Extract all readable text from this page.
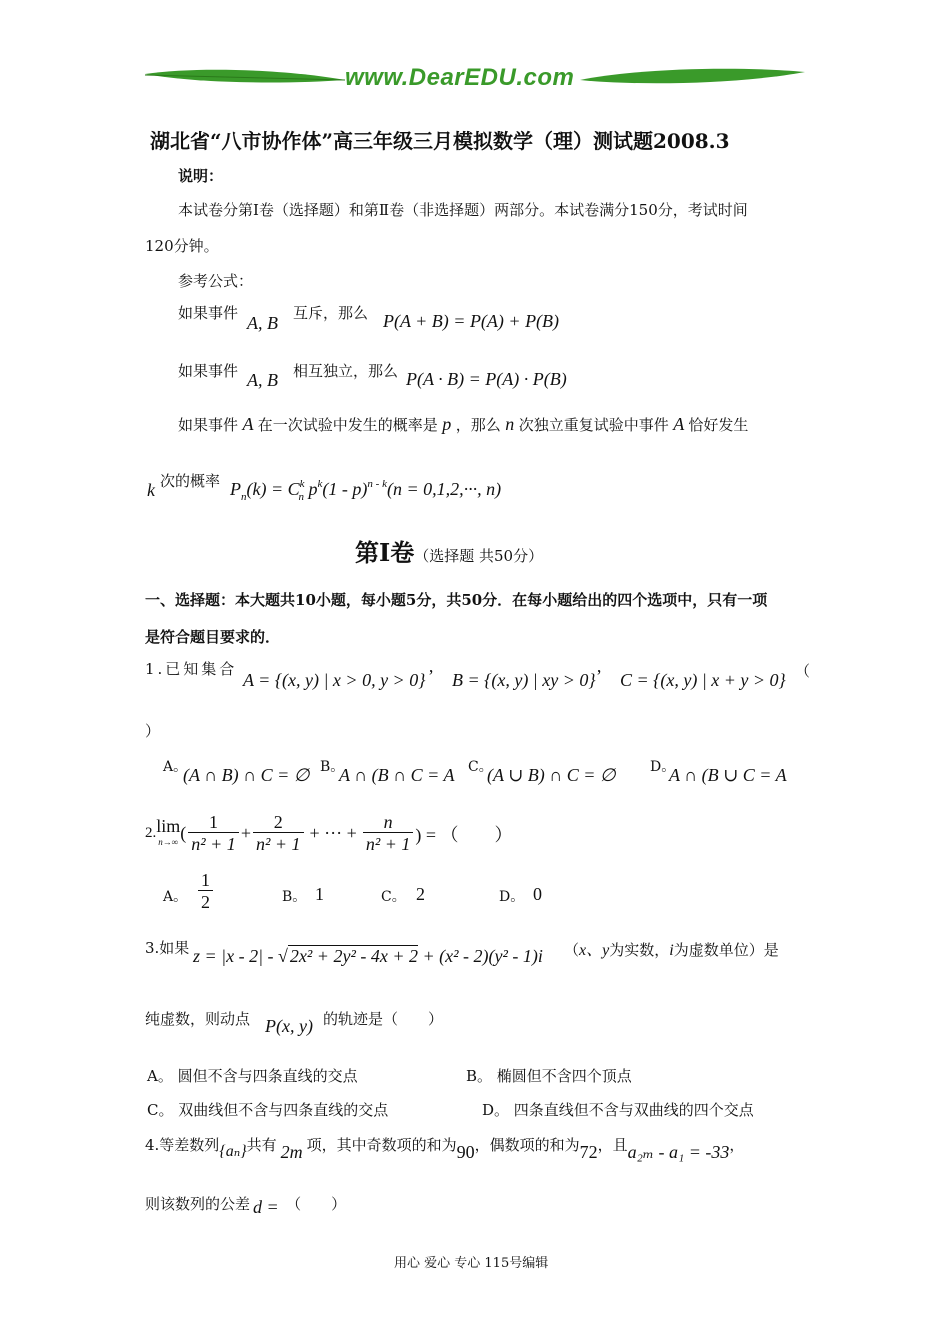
www.DearEDU.com
湖北省“八市协作体”高三年级三月模拟数学（理）测试题2008.3
说明：
本试卷分第Ⅰ卷（选择题）和第Ⅱ卷（非选择题）两部分。本试卷满分150分，考试时间
120分钟。
参考公式：
如果事件 A, B 互斥，那么 P(A + B) = P(A) + P(B)
如果事件 A, B 相互独立，那么 P(A · B) = P(A) · P(B)
如果事件 A 在一次试验中发生的概率是 p ，那么 n 次独立重复试验中事件 A 恰好发生
k 次的概率 $P_n(k) = C^k_n$ $p^k(1 - p)^{n - k}(n = 0,1,2,\cdot\cdot\cdot$, n)
第Ⅰ卷（选择题 共50分）
一、选择题：本大题共10小题，每小题5分，共50分．在每小题给出的四个选项中，只有一项
是符合题目要求的．
1.已知集合
A = {(x, y) | x > 0, y > 0} ’ B = {(x, y) | xy > 0} ’ C = {(x, y) | x + y > 0} （
）
A。
(A ∩ B) ∩ C = ∅ B。
A ∩ (B ∩ C = A C。
(A ∪ B) ∩ C = ∅ D。
A ∩ (B ∪ C = A
2. lim
n→∞ ( $\frac{1}{\text{n² + 1}} + \frac{2}{\text{n² + 1}}$ + ··· + $\frac{n}{\text{n² + 1}}$ ) = （　　）
A。 $\frac{1}{2}$	B。 1	C。 2	D。 0
3.如果 z = |x - 2| - √ 2x² + 2y² - 4x + 2 + (x² - 2)(y² - 1)i （x、y为实数，i为虚数单位）是
纯虚数，则动点 P(x, y) 的轨迹是（　　）
A。 圆但不含与四条直线的交点	B。 椭圆但不含四个顶点
C。 双曲线但不含与四条直线的交点	D。 四条直线但不含与双曲线的四个交点
4.等差数列{aₙ}共有 2m 项，其中奇数项的和为90，偶数项的和为72，且a₂ₘ - a₁ = -33，
则该数列的公差 d = （　　）
用心 爱心 专心 115号编辑
